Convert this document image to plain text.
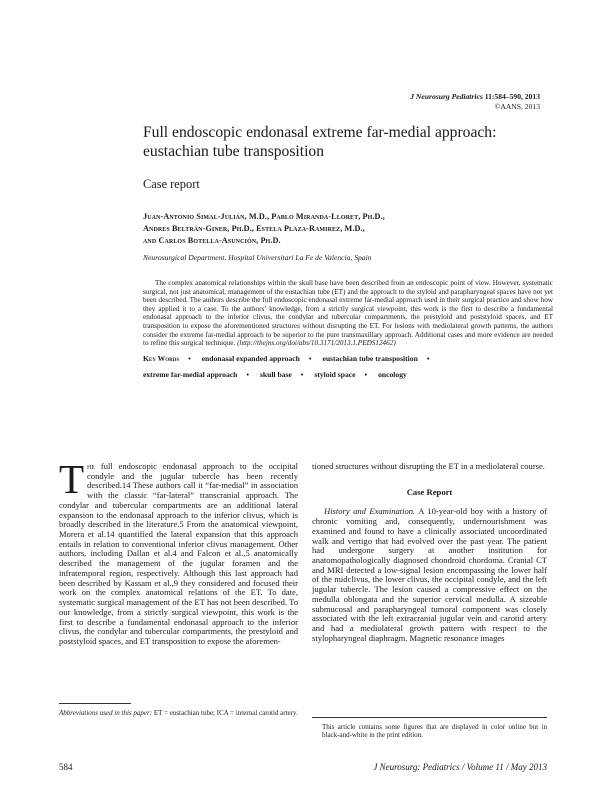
J Neurosurg Pediatrics 11:584–590, 2013
©AANS, 2013
Full endoscopic endonasal extreme far-medial approach: eustachian tube transposition
Case report
Juan-Antonio Simal-Julián, M.D., Pablo Miranda-Lloret, Ph.D.,
Andres Beltrán-Giner, Ph.D., Estela Plaza-Ramirez, M.D.,
and Carlos Botella-Asunción, Ph.D.
Neurosurgical Department, Hospital Universitari La Fe de Valencia, Spain
The complex anatomical relationships within the skull base have been described from an endoscopic point of view. However, systematic surgical, not just anatomical, management of the eustachian tube (ET) and the approach to the styloid and parapharyngeal spaces have not yet been described. The authors describe the full endoscopic endonasal extreme far-medial approach used in their surgical practice and show how they applied it to a case. To the authors’ knowledge, from a strictly surgical viewpoint, this work is the first to describe a fundamental endonasal approach to the inferior clivus, the condylar and tubercular compartments, the prestyloid and poststyloid spaces, and ET transposition to expose the aforementioned structures without disrupting the ET. For lesions with mediolateral growth patterns, the authors consider the extreme far-medial approach to be superior to the pure transmaxillary approach. Additional cases and more evidence are needed to refine this surgical technique. (http://thejns.org/doi/abs/10.3171/2013.1.PEDS12462)
Key Words • endonasal expanded approach • eustachian tube transposition •
extreme far-medial approach • skull base • styloid space • oncology
The full endoscopic endonasal approach to the occipital condyle and the jugular tubercle has been recently described.14 These authors call it “far-medial” in association with the classic “far-lateral” transcranial approach. The condylar and tubercular compartments are an additional lateral expansion to the endonasal approach to the inferior clivus, which is broadly described in the literature.5 From the anatomical viewpoint, Morera et al.14 quantified the lateral expansion that this approach entails in relation to conventional inferior clivus management. Other authors, including Dallan et al.4 and Falcon et al.,5 anatomically described the management of the jugular foramen and the infratemporal region, respectively. Although this last approach had been described by Kassam et al.,9 they considered and focused their work on the complex anatomical relations of the ET. To date, systematic surgical management of the ET has not been described. To our knowledge, from a strictly surgical viewpoint, this work is the first to describe a fundamental endonasal approach to the inferior clivus, the condylar and tubercular compartments, the prestyloid and poststyloid spaces, and ET transposition to expose the aforemen-
tioned structures without disrupting the ET in a mediolateral course.
Case Report
History and Examination. A 10-year-old boy with a history of chronic vomiting and, consequently, undernourishment was examined and found to have a clinically associated uncoordinated walk and vertigo that had evolved over the past year. The patient had undergone surgery at another institution for anatomopathologically diagnosed chondroid chordoma. Cranial CT and MRI detected a low-signal lesion encompassing the lower half of the midclivus, the lower clivus, the occipital condyle, and the left jugular tubercle. The lesion caused a compressive effect on the medulla oblongata and the superior cervical medulla. A sizeable submucosal and parapharyngeal tumoral component was closely associated with the left extracranial jugular vein and carotid artery and had a mediolateral growth pattern with respect to the stylopharyngeal diaphragm. Magnetic resonance images
Abbreviations used in this paper: ET = eustachian tube; ICA = internal carotid artery.
This article contains some figures that are displayed in color online but in black-and-white in the print edition.
584	J Neurosurg: Pediatrics / Volume 11 / May 2013
